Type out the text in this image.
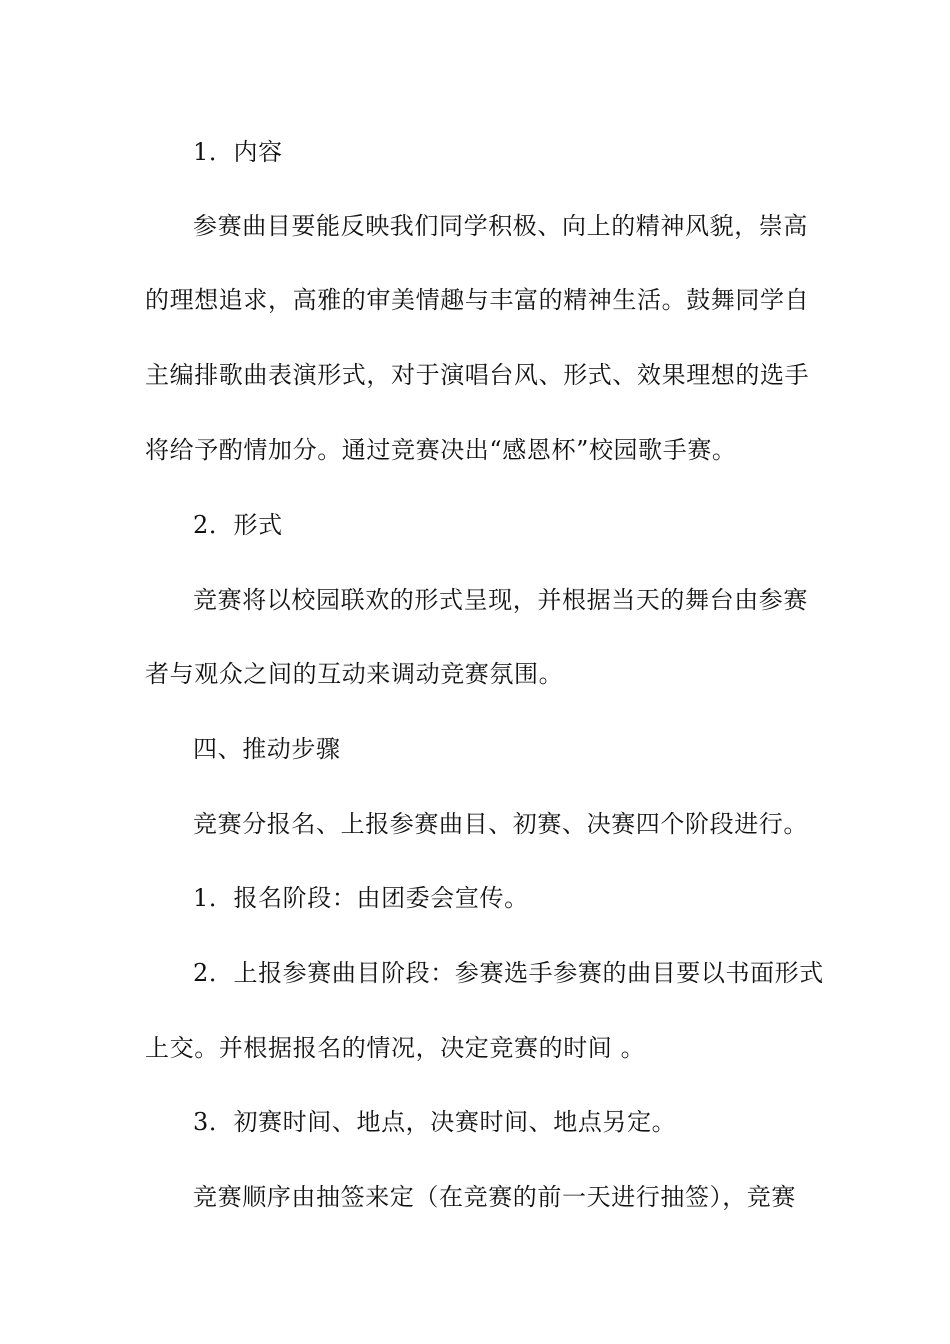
1．内容
参赛曲目要能反映我们同学积极、向上的精神风貌，崇高
的理想追求，高雅的审美情趣与丰富的精神生活。鼓舞同学自
主编排歌曲表演形式，对于演唱台风、形式、效果理想的选手
将给予酌情加分。通过竞赛决出“感恩杯”校园歌手赛。
2．形式
竞赛将以校园联欢的形式呈现，并根据当天的舞台由参赛
者与观众之间的互动来调动竞赛氛围。
四、推动步骤
竞赛分报名、上报参赛曲目、初赛、决赛四个阶段进行。
1．报名阶段：由团委会宣传。
2．上报参赛曲目阶段：参赛选手参赛的曲目要以书面形式
上交。并根据报名的情况，决定竞赛的时间 。
3．初赛时间、地点，决赛时间、地点另定。
竞赛顺序由抽签来定（在竞赛的前一天进行抽签），竞赛
